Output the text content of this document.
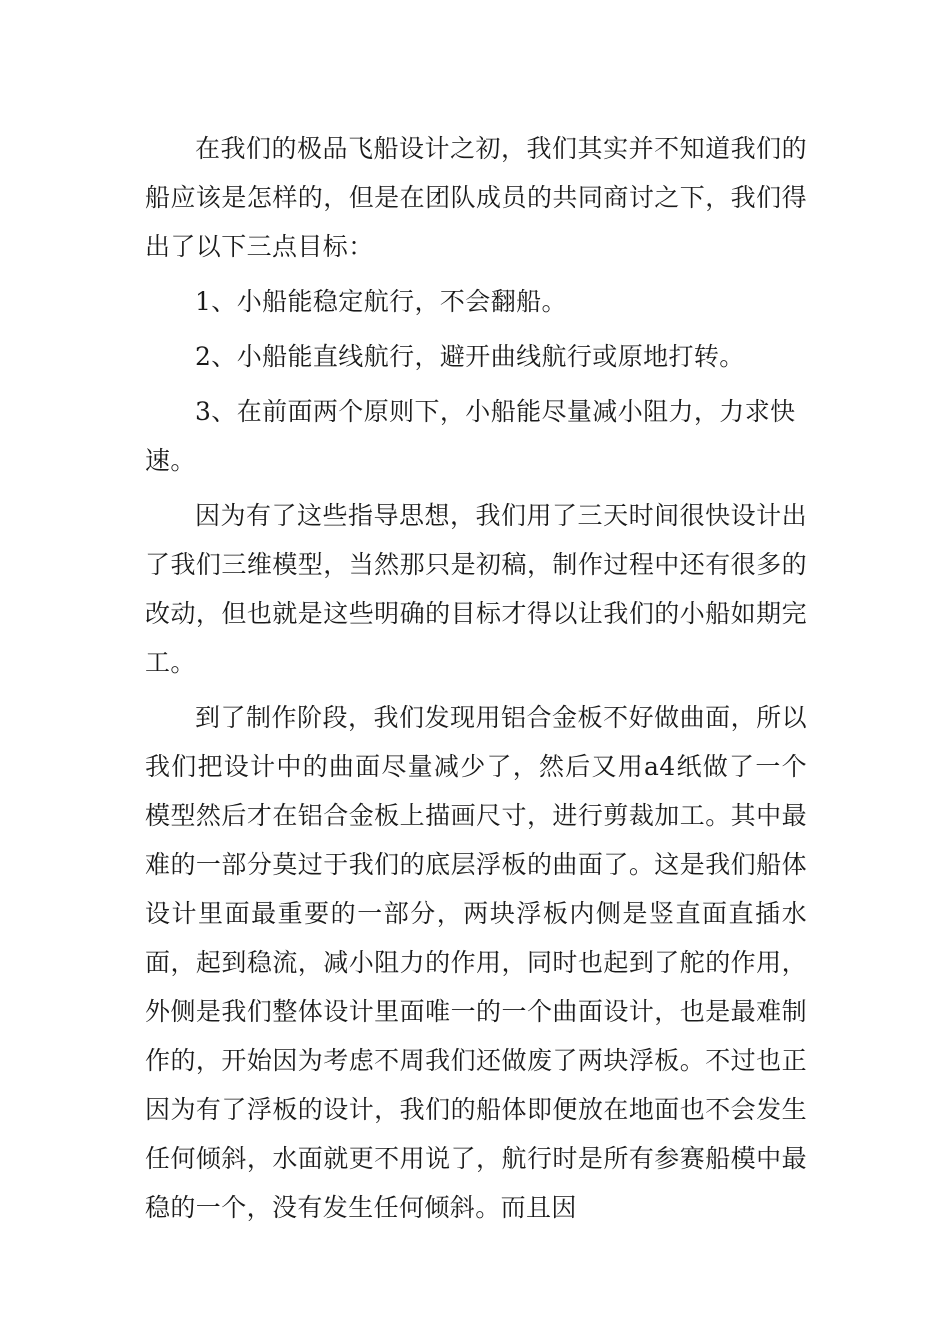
在我们的极品飞船设计之初，我们其实并不知道我们的船应该是怎样的，但是在团队成员的共同商讨之下，我们得出了以下三点目标：

1、小船能稳定航行，不会翻船。

2、小船能直线航行，避开曲线航行或原地打转。

3、在前面两个原则下，小船能尽量减小阻力，力求快速。

因为有了这些指导思想，我们用了三天时间很快设计出了我们三维模型，当然那只是初稿，制作过程中还有很多的改动，但也就是这些明确的目标才得以让我们的小船如期完工。

到了制作阶段，我们发现用铝合金板不好做曲面，所以我们把设计中的曲面尽量减少了，然后又用a4纸做了一个模型然后才在铝合金板上描画尺寸，进行剪裁加工。其中最难的一部分莫过于我们的底层浮板的曲面了。这是我们船体设计里面最重要的一部分，两块浮板内侧是竖直面直插水面，起到稳流，减小阻力的作用，同时也起到了舵的作用，外侧是我们整体设计里面唯一的一个曲面设计，也是最难制作的，开始因为考虑不周我们还做废了两块浮板。不过也正因为有了浮板的设计，我们的船体即便放在地面也不会发生任何倾斜，水面就更不用说了，航行时是所有参赛船模中最稳的一个，没有发生任何倾斜。而且因
